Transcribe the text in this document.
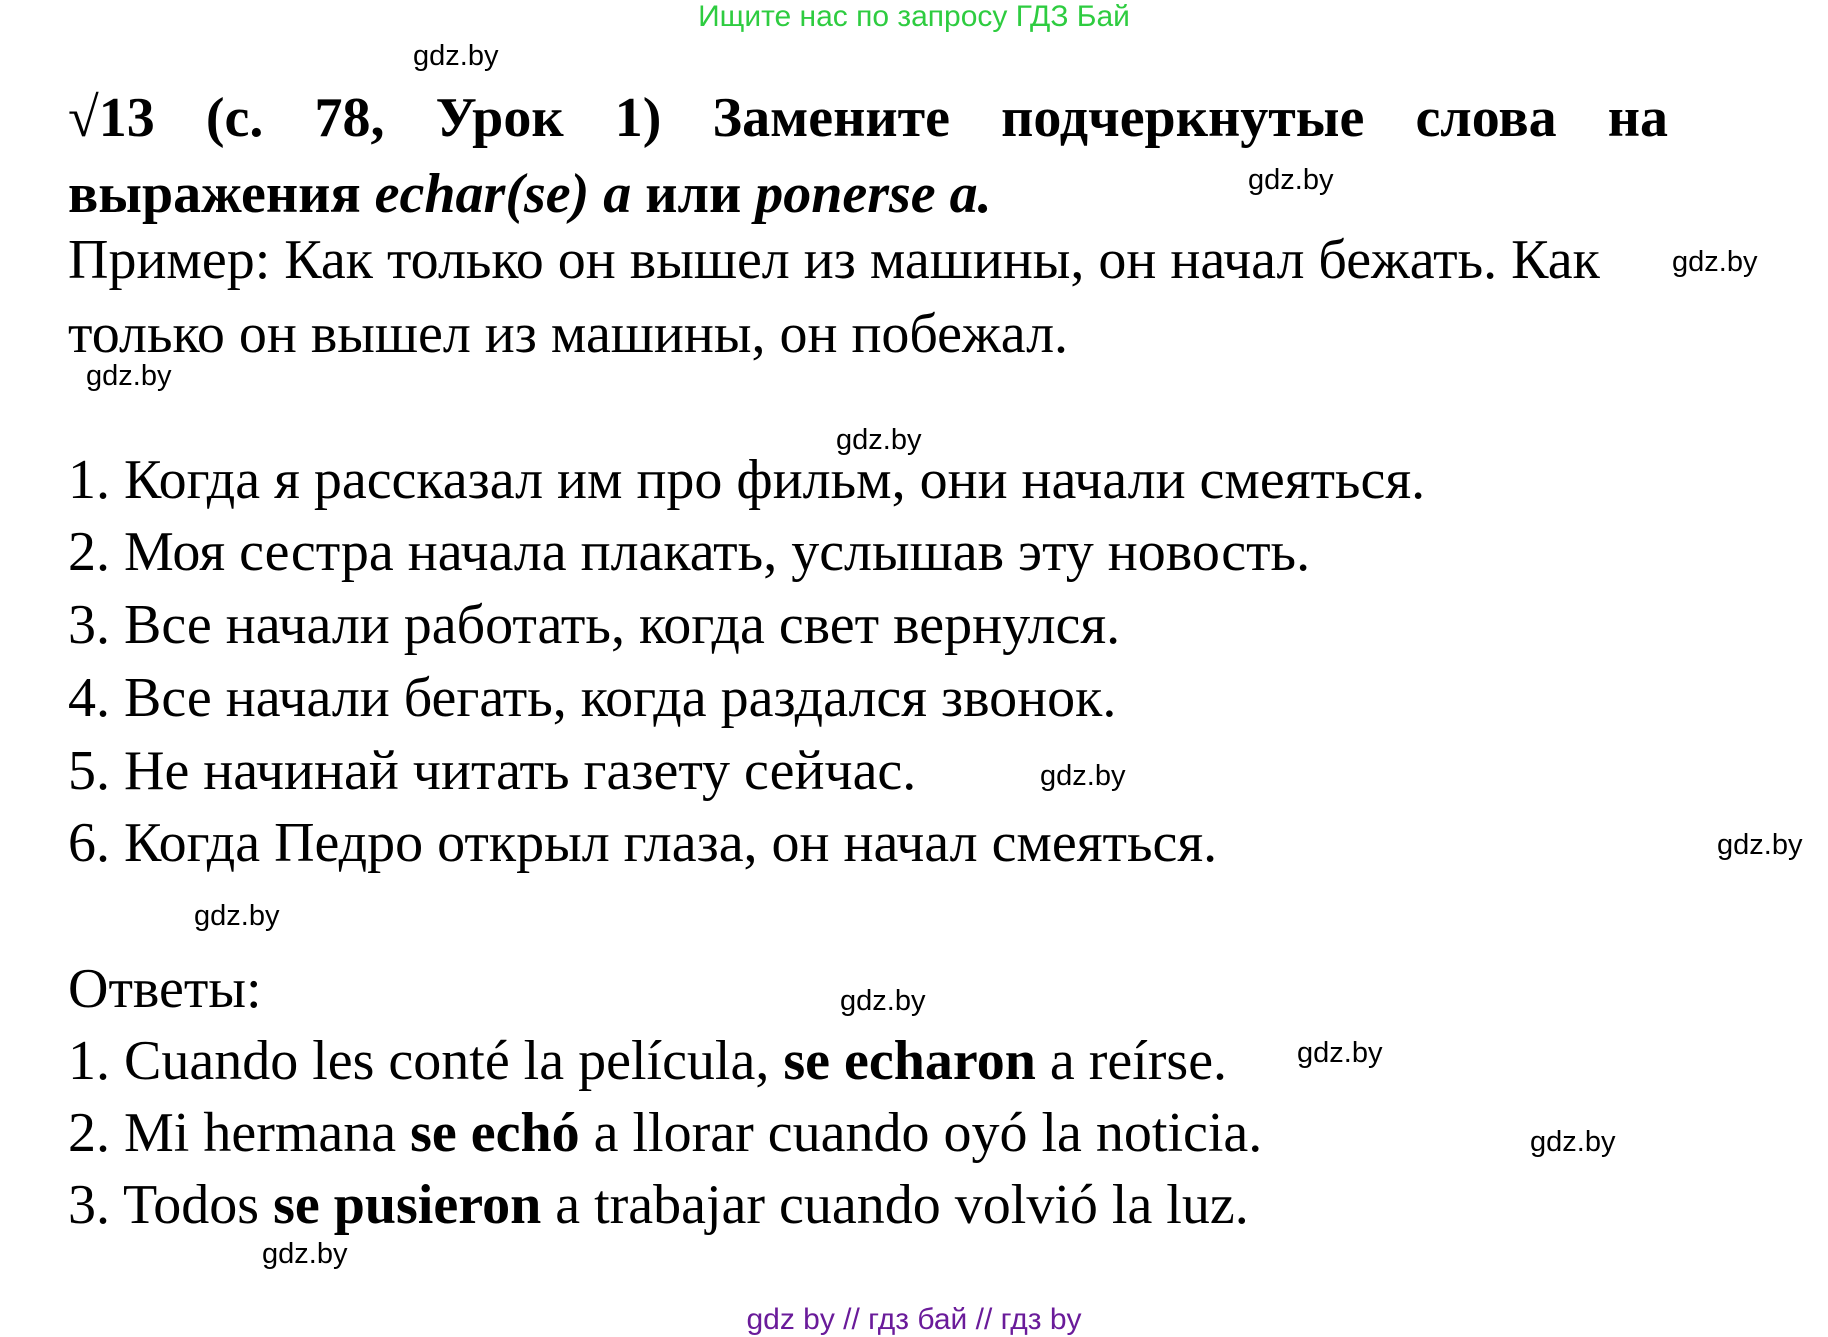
Ищите нас по запросу ГДЗ Бай
gdz.by
gdz.by
gdz.by
gdz.by
gdz.by
gdz.by
gdz.by
gdz.by
gdz.by
gdz.by
gdz.by
gdz.by
√13 (с. 78, Урок 1) Замените подчеркнутые слова на
выражения echar(se) a или ponerse a.
Пример: Как только он вышел из машины, он начал бежать. Как только он вышел из машины, он побежал.
1. Когда я рассказал им про фильм, они начали смеяться.
2. Моя сестра начала плакать, услышав эту новость.
3. Все начали работать, когда свет вернулся.
4. Все начали бегать, когда раздался звонок.
5. Не начинай читать газету сейчас.
6. Когда Педро открыл глаза, он начал смеяться.
Ответы:
1. Cuando les conté la película, se echaron a reírse.
2. Mi hermana se echó a llorar cuando oyó la noticia.
3. Todos se pusieron a trabajar cuando volvió la luz.
gdz by // гдз бай // гдз by
